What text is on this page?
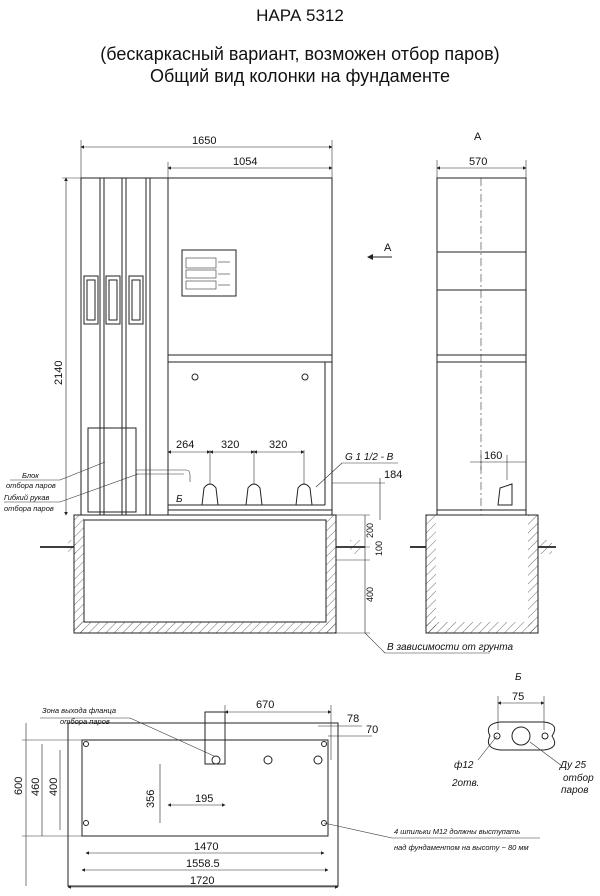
НАРА 5312
(бескаркасный вариант, возможен отбор паров)
Общий вид колонки на фундаменте
1650
1054
264 320	320
G 1 1/2 - B
184
Б
2140
А
Блок
отбора паров
Гибкий рукав
отбора паров
200
100
400
В зависимости от грунта
А
570
160
670
78
70
Зона выхода фланца
отбора паров
600 460 400
356	195
1470
1558.5
1720
4 шпильки М12 должны выступать
над фундаментом на высоту ~ 80 мм
Б
75
ф12
2отв.
Ду 25
отбор
паров
